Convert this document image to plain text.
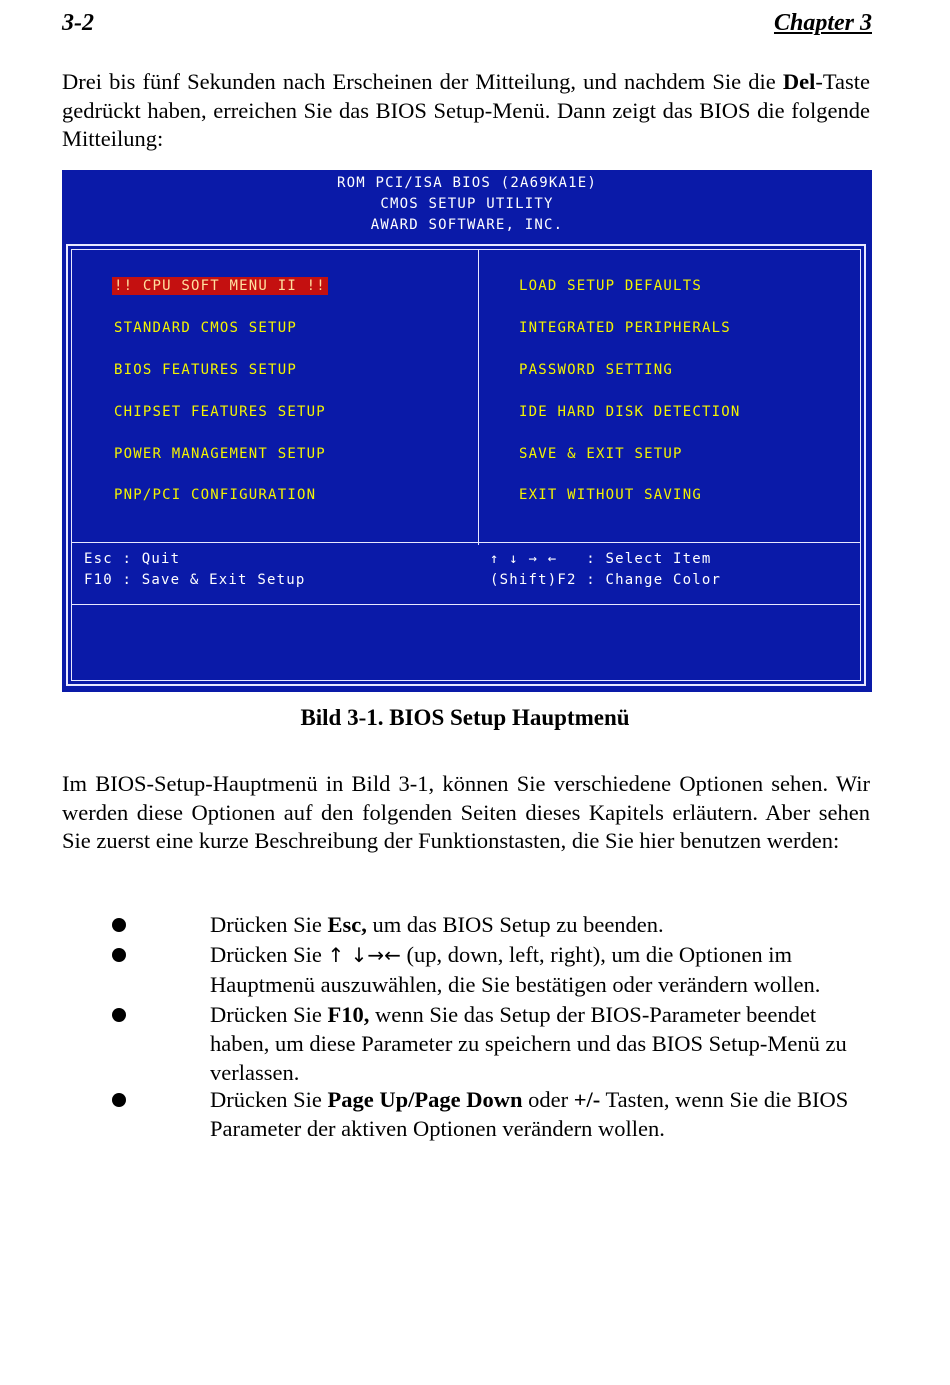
3-2	Chapter 3
Drei bis fünf Sekunden nach Erscheinen der Mitteilung, und nachdem Sie die Del-Taste gedrückt haben, erreichen Sie das BIOS Setup-Menü. Dann zeigt das BIOS die folgende Mitteilung:
ROM PCI/ISA BIOS (2A69KA1E)
CMOS SETUP UTILITY
AWARD SOFTWARE, INC.
!! CPU SOFT MENU II !!
STANDARD CMOS SETUP
BIOS FEATURES SETUP
CHIPSET FEATURES SETUP
POWER MANAGEMENT SETUP
PNP/PCI CONFIGURATION
LOAD SETUP DEFAULTS
INTEGRATED PERIPHERALS
PASSWORD SETTING
IDE HARD DISK DETECTION
SAVE & EXIT SETUP
EXIT WITHOUT SAVING
Esc : Quit
F10 : Save & Exit Setup
↑ ↓ → ←   : Select Item
(Shift)F2 : Change Color
Bild 3-1. BIOS Setup Hauptmenü
Im BIOS-Setup-Hauptmenü in Bild 3-1, können Sie verschiedene Optionen sehen. Wir werden diese Optionen auf den folgenden Seiten dieses Kapitels erläutern. Aber sehen Sie zuerst eine kurze Beschreibung der Funktionstasten, die Sie hier benutzen werden:
Drücken Sie Esc, um das BIOS Setup zu beenden.
Drücken Sie ↑ ↓→← (up, down, left, right), um die Optionen im Hauptmenü auszuwählen, die Sie bestätigen oder verändern wollen.
Drücken Sie F10, wenn Sie das Setup der BIOS-Parameter beendet haben, um diese Parameter zu speichern und das BIOS Setup-Menü zu verlassen.
Drücken Sie Page Up/Page Down oder +/- Tasten, wenn Sie die BIOS Parameter der aktiven Optionen verändern wollen.
